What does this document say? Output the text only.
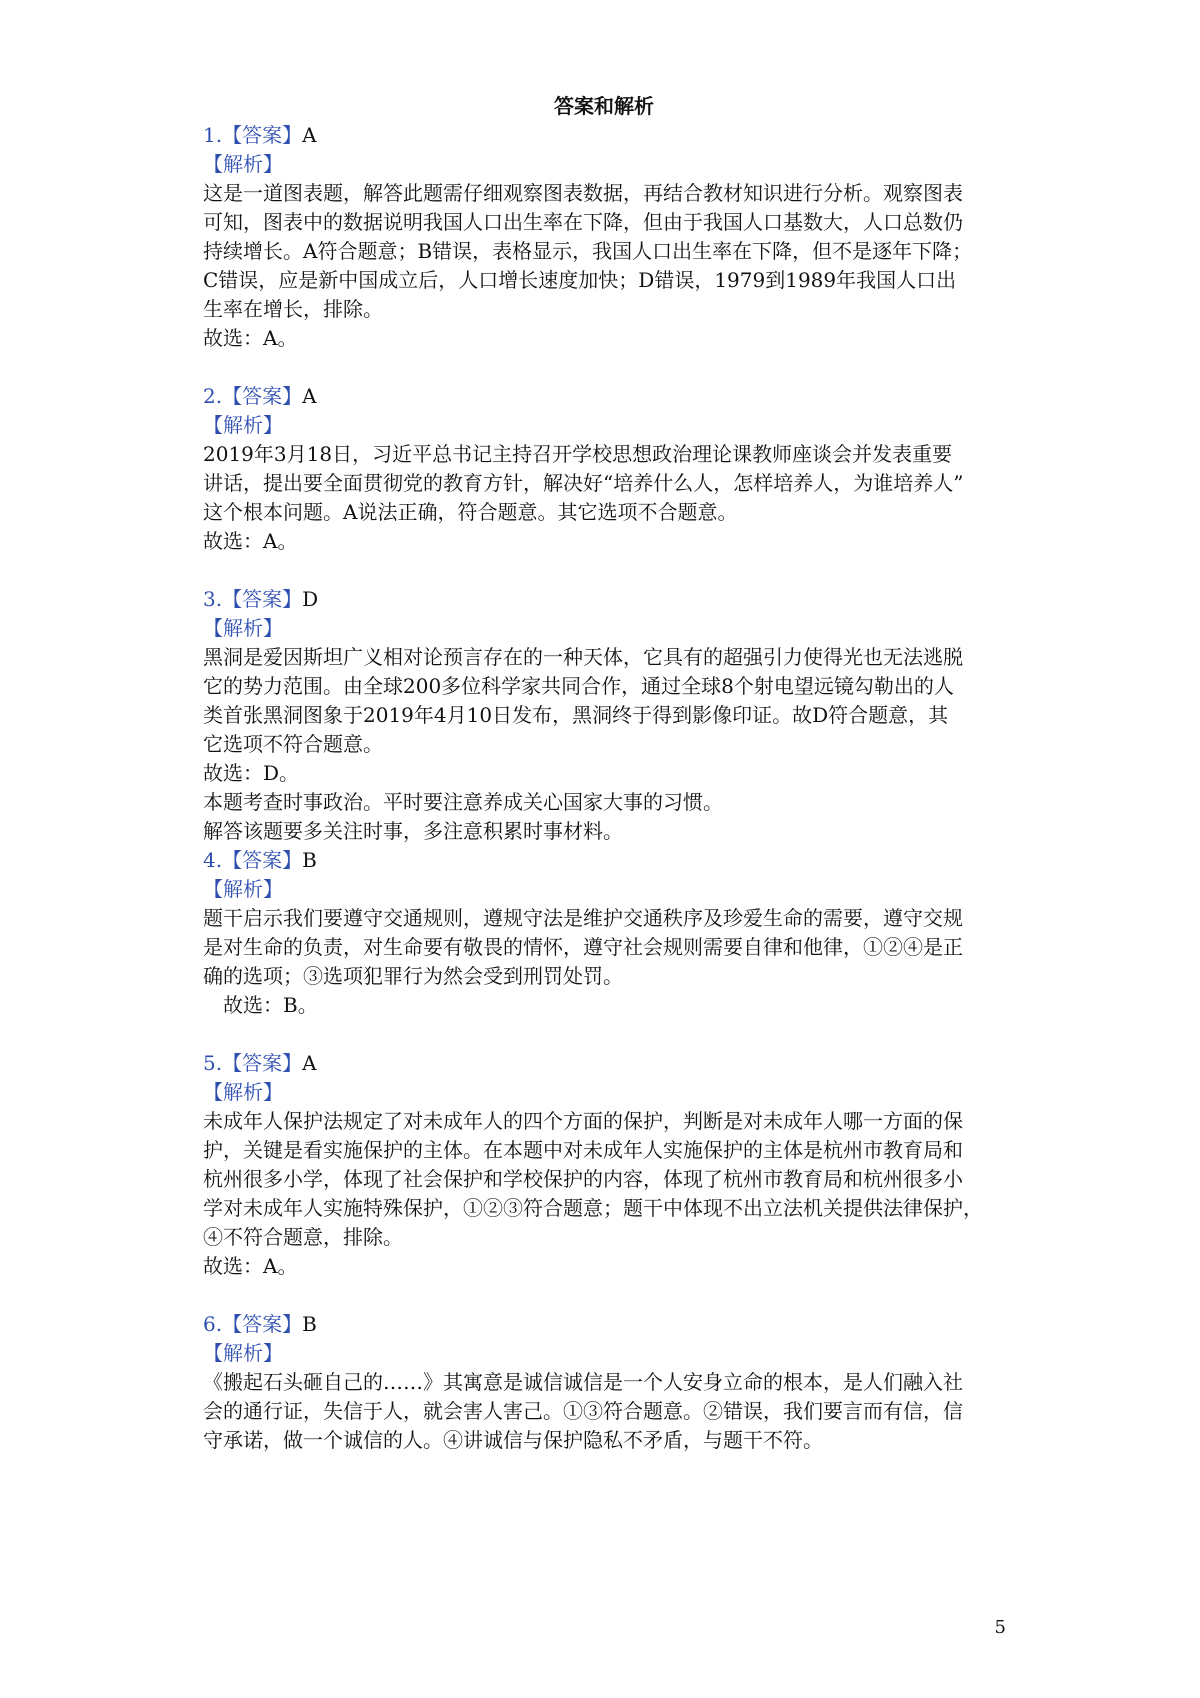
答案和解析
1.【答案】A
【解析】
这是一道图表题，解答此题需仔细观察图表数据，再结合教材知识进行分析。观察图表
可知，图表中的数据说明我国人口出生率在下降，但由于我国人口基数大，人口总数仍
持续增长。A符合题意；B错误，表格显示，我国人口出生率在下降，但不是逐年下降；
C错误，应是新中国成立后，人口增长速度加快；D错误，1979到1989年我国人口出
生率在增长，排除。
故选：A。
2.【答案】A
【解析】
2019年3月18日，习近平总书记主持召开学校思想政治理论课教师座谈会并发表重要
讲话，提出要全面贯彻党的教育方针，解决好“培养什么人，怎样培养人，为谁培养人”
这个根本问题。A说法正确，符合题意。其它选项不合题意。
故选：A。
3.【答案】D
【解析】
黑洞是爱因斯坦广义相对论预言存在的一种天体，它具有的超强引力使得光也无法逃脱
它的势力范围。由全球200多位科学家共同合作，通过全球8个射电望远镜勾勒出的人
类首张黑洞图象于2019年4月10日发布，黑洞终于得到影像印证。故D符合题意，其
它选项不符合题意。
故选：D。
本题考查时事政治。平时要注意养成关心国家大事的习惯。
解答该题要多关注时事，多注意积累时事材料。
4.【答案】B
【解析】
题干启示我们要遵守交通规则，遵规守法是维护交通秩序及珍爱生命的需要，遵守交规
是对生命的负责，对生命要有敬畏的情怀，遵守社会规则需要自律和他律，①②④是正
确的选项；③选项犯罪行为然会受到刑罚处罚。
故选：B。
5.【答案】A
【解析】
未成年人保护法规定了对未成年人的四个方面的保护，判断是对未成年人哪一方面的保
护，关键是看实施保护的主体。在本题中对未成年人实施保护的主体是杭州市教育局和
杭州很多小学，体现了社会保护和学校保护的内容，体现了杭州市教育局和杭州很多小
学对未成年人实施特殊保护，①②③符合题意；题干中体现不出立法机关提供法律保护，
④不符合题意，排除。
故选：A。
6.【答案】B
【解析】
《搬起石头砸自己的……》其寓意是诚信诚信是一个人安身立命的根本，是人们融入社
会的通行证，失信于人，就会害人害己。①③符合题意。②错误，我们要言而有信，信
守承诺，做一个诚信的人。④讲诚信与保护隐私不矛盾，与题干不符。
5
